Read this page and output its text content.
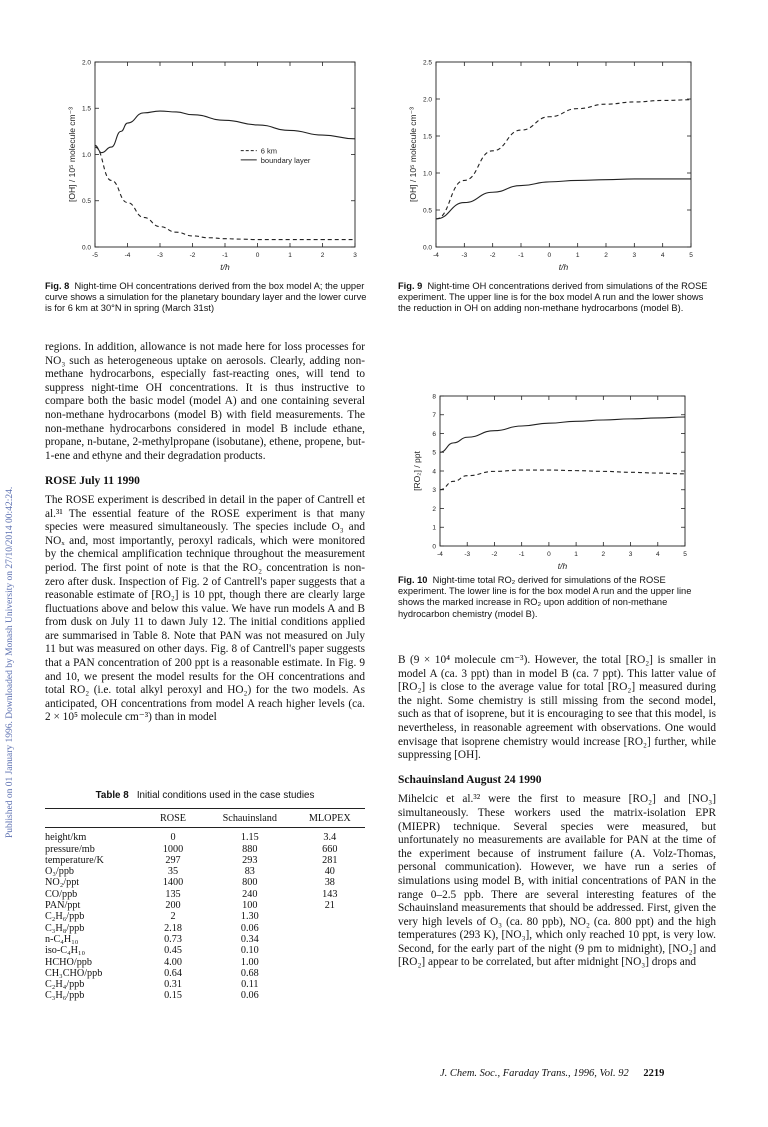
Published on 01 January 1996. Downloaded by Monash University on 27/10/2014 00:42:24.
-5	-4	-3	-2	-1	0	1	2	3
0.0
0.5
1.0
1.5
2.0
t/h
[OH] / 10⁵ molecule cm⁻³	6 km
boundary layer
Fig. 8 Night-time OH concentrations derived from the box model A; the upper curve shows a simulation for the planetary boundary layer and the lower curve is for 6 km at 30°N in spring (March 31st)
-4	-3	-2	-1	0	1	2	3	4	5
0.0
0.5
1.0
1.5
2.0
2.5
t/h
[OH] / 10⁵ molecule cm⁻³
Fig. 9 Night-time OH concentrations derived from simulations of the ROSE experiment. The upper line is for the box model A run and the lower shows the reduction in OH on adding non-methane hydrocarbons (model B).
-4	-3	-2	-1	0	1	2	3	4	5
0
1
2
3
4
5
6
7
8
t/h
[RO₂] / ppt
Fig. 10 Night-time total RO₂ derived for simulations of the ROSE experiment. The lower line is for the box model A run and the upper line shows the marked increase in RO₂ upon addition of non-methane hydrocarbon chemistry (model B).

regions. In addition, allowance is not made here for loss processes for NO₃ such as heterogeneous uptake on aerosols. Clearly, adding non-methane hydrocarbons, especially fast-reacting ones, will tend to suppress night-time OH concentrations. It is thus instructive to compare both the basic model (model A) and one containing several non-methane hydrocarbons (model B) with field measurements. The non-methane hydrocarbons considered in model B include ethane, propane, n-butane, 2-methylpropane (isobutane), ethene, propene, but-1-ene and ethyne and their degradation products.

ROSE July 11 1990

The ROSE experiment is described in detail in the paper of Cantrell et al.³¹ The essential feature of the ROSE experiment is that many species were measured simultaneously. The species include O₃ and NOₓ and, most importantly, peroxyl radicals, which were monitored by the chemical amplification technique throughout the measurement period. The first point of note is that the RO₂ concentration is non-zero after dusk. Inspection of Fig. 2 of Cantrell's paper suggests that a reasonable estimate of [RO₂] is 10 ppt, though there are clearly large fluctuations above and below this value. We have run models A and B from dusk on July 11 to dawn July 12. The initial conditions applied are summarised in Table 8. Note that PAN was not measured on July 11 but was measured on other days. Fig. 8 of Cantrell's paper suggests that a PAN concentration of 200 ppt is a reasonable estimate. In Fig. 9 and 10, we present the model results for the OH concentrations and total RO₂ (i.e. total alkyl peroxyl and HO₂) for the two models. As anticipated, OH concentrations from model A reach higher levels (ca. 2 × 10⁵ molecule cm⁻³) than in model

Table 8 Initial conditions used in the case studies
	ROSE	Schauinsland	MLOPEX
height/km	0	1.15	3.4
pressure/mb	1000	880	660
temperature/K	297	293	281
O₃/ppb	35	83	40
NO₂/ppt	1400	800	38
CO/ppb	135	240	143
PAN/ppt	200	100	21
C₂H₆/ppb	2	1.30	
C₃H₈/ppb	2.18	0.06	
n-C₄H₁₀	0.73	0.34	
iso-C₄H₁₀	0.45	0.10	
HCHO/ppb	4.00	1.00	
CH₃CHO/ppb	0.64	0.68	
C₂H₄/ppb	0.31	0.11	
C₃H₆/ppb	0.15	0.06	

B (9 × 10⁴ molecule cm⁻³). However, the total [RO₂] is smaller in model A (ca. 3 ppt) than in model B (ca. 7 ppt). This latter value of [RO₂] is close to the average value for total [RO₂] measured during the night. Some chemistry is still missing from the second model, such as that of isoprene, but it is encouraging to see that this model, is nevertheless, in reasonable agreement with observations. One would envisage that isoprene chemistry would increase [RO₂] further, while suppressing [OH].

Schauinsland August 24 1990

Mihelcic et al.³² were the first to measure [RO₂] and [NO₃] simultaneously. These workers used the matrix-isolation EPR (MIEPR) technique. Several species were measured, but unfortunately no measurements are available for PAN at the time of the experiment because of instrument failure (A. Volz-Thomas, personal communication). However, we have run a series of simulations using model B, with initial concentrations of PAN in the range 0–2.5 ppb. There are several interesting features of the Schauinsland measurements that should be addressed. First, given the very high levels of O₃ (ca. 80 ppb), NO₂ (ca. 800 ppt) and the high temperatures (293 K), [NO₃], which only reached 10 ppt, is very low. Second, for the early part of the night (9 pm to midnight), [NO₂] and [RO₂] appear to be correlated, but after midnight [NO₃] drops and

J. Chem. Soc., Faraday Trans., 1996, Vol. 92 2219
